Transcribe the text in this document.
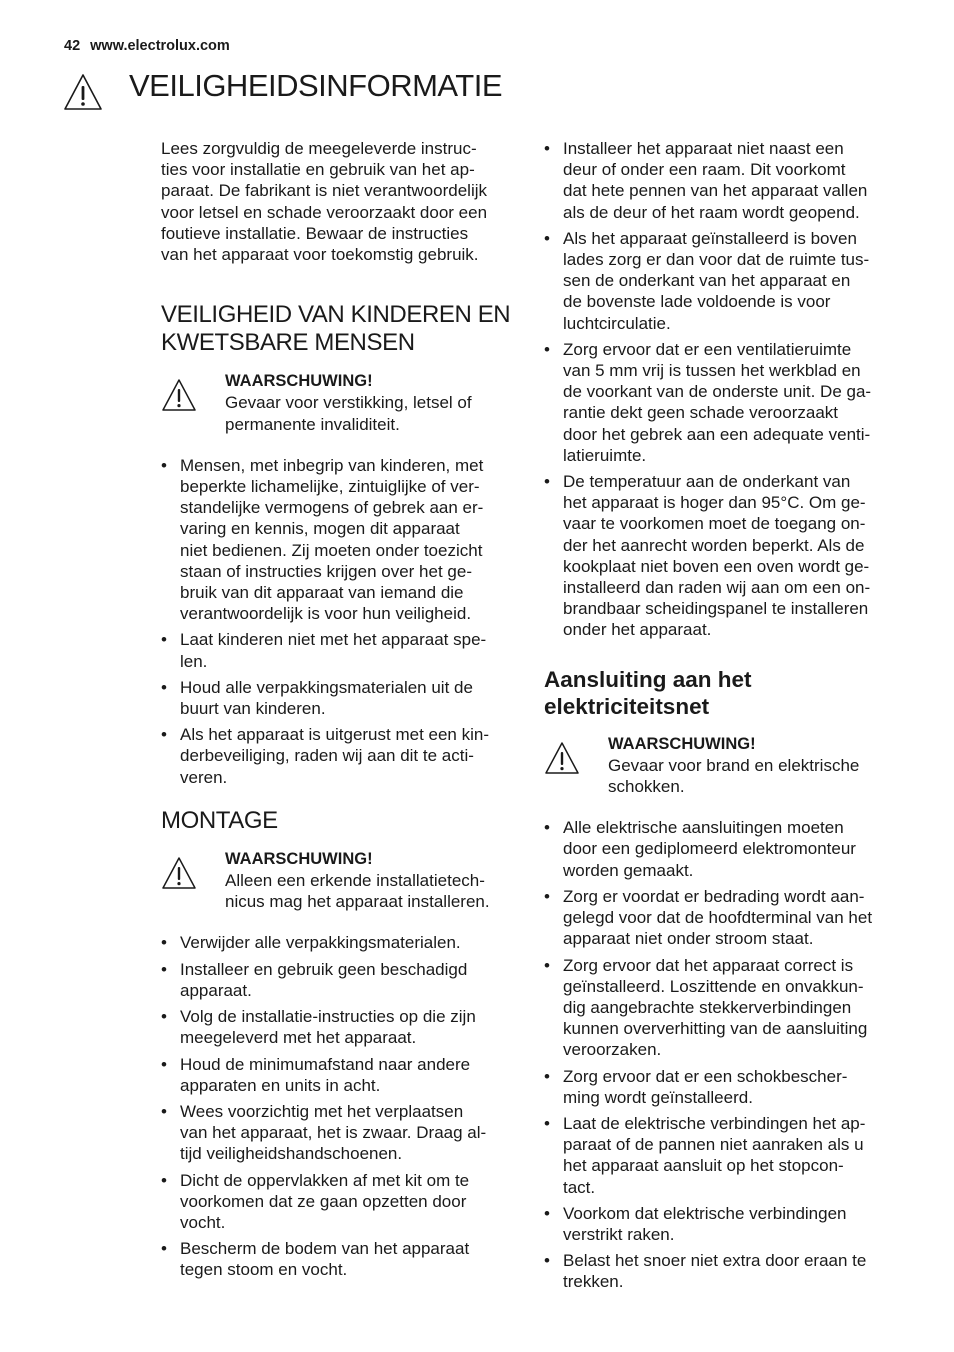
42 www.electrolux.com
VEILIGHEIDSINFORMATIE

Lees zorgvuldig de meegeleverde instruc-
ties voor installatie en gebruik van het ap-
paraat. De fabrikant is niet verantwoordelijk
voor letsel en schade veroorzaakt door een
foutieve installatie. Bewaar de instructies
van het apparaat voor toekomstig gebruik.

VEILIGHEID VAN KINDEREN EN
KWETSBARE MENSEN
WAARSCHUWING!
Gevaar voor verstikking, letsel of
permanente invaliditeit.
• Mensen, met inbegrip van kinderen, met
beperkte lichamelijke, zintuiglijke of ver-
standelijke vermogens of gebrek aan er-
varing en kennis, mogen dit apparaat
niet bedienen. Zij moeten onder toezicht
staan of instructies krijgen over het ge-
bruik van dit apparaat van iemand die
verantwoordelijk is voor hun veiligheid.
• Laat kinderen niet met het apparaat spe-
len.
• Houd alle verpakkingsmaterialen uit de
buurt van kinderen.
• Als het apparaat is uitgerust met een kin-
derbeveiliging, raden wij aan dit te acti-
veren.
MONTAGE
WAARSCHUWING!
Alleen een erkende installatietech-
nicus mag het apparaat installeren.
• Verwijder alle verpakkingsmaterialen.
• Installeer en gebruik geen beschadigd
apparaat.
• Volg de installatie-instructies op die zijn
meegeleverd met het apparaat.
• Houd de minimumafstand naar andere
apparaten en units in acht.
• Wees voorzichtig met het verplaatsen
van het apparaat, het is zwaar. Draag al-
tijd veiligheidshandschoenen.
• Dicht de oppervlakken af met kit om te
voorkomen dat ze gaan opzetten door
vocht.
• Bescherm de bodem van het apparaat
tegen stoom en vocht.
• Installeer het apparaat niet naast een
deur of onder een raam. Dit voorkomt
dat hete pennen van het apparaat vallen
als de deur of het raam wordt geopend.
• Als het apparaat geïnstalleerd is boven
lades zorg er dan voor dat de ruimte tus-
sen de onderkant van het apparaat en
de bovenste lade voldoende is voor
luchtcirculatie.
• Zorg ervoor dat er een ventilatieruimte
van 5 mm vrij is tussen het werkblad en
de voorkant van de onderste unit. De ga-
rantie dekt geen schade veroorzaakt
door het gebrek aan een adequate venti-
latieruimte.
• De temperatuur aan de onderkant van
het apparaat is hoger dan 95°C. Om ge-
vaar te voorkomen moet de toegang on-
der het aanrecht worden beperkt. Als de
kookplaat niet boven een oven wordt ge-
installeerd dan raden wij aan om een on-
brandbaar scheidingspanel te installeren
onder het apparaat.
Aansluiting aan het
elektriciteitsnet
WAARSCHUWING!
Gevaar voor brand en elektrische
schokken.
• Alle elektrische aansluitingen moeten
door een gediplomeerd elektromonteur
worden gemaakt.
• Zorg er voordat er bedrading wordt aan-
gelegd voor dat de hoofdterminal van het
apparaat niet onder stroom staat.
• Zorg ervoor dat het apparaat correct is
geïnstalleerd. Loszittende en onvakkun-
dig aangebrachte stekkerverbindingen
kunnen oververhitting van de aansluiting
veroorzaken.
• Zorg ervoor dat er een schokbescher-
ming wordt geïnstalleerd.
• Laat de elektrische verbindingen het ap-
paraat of de pannen niet aanraken als u
het apparaat aansluit op het stopcon-
tact.
• Voorkom dat elektrische verbindingen
verstrikt raken.
• Belast het snoer niet extra door eraan te
trekken.
